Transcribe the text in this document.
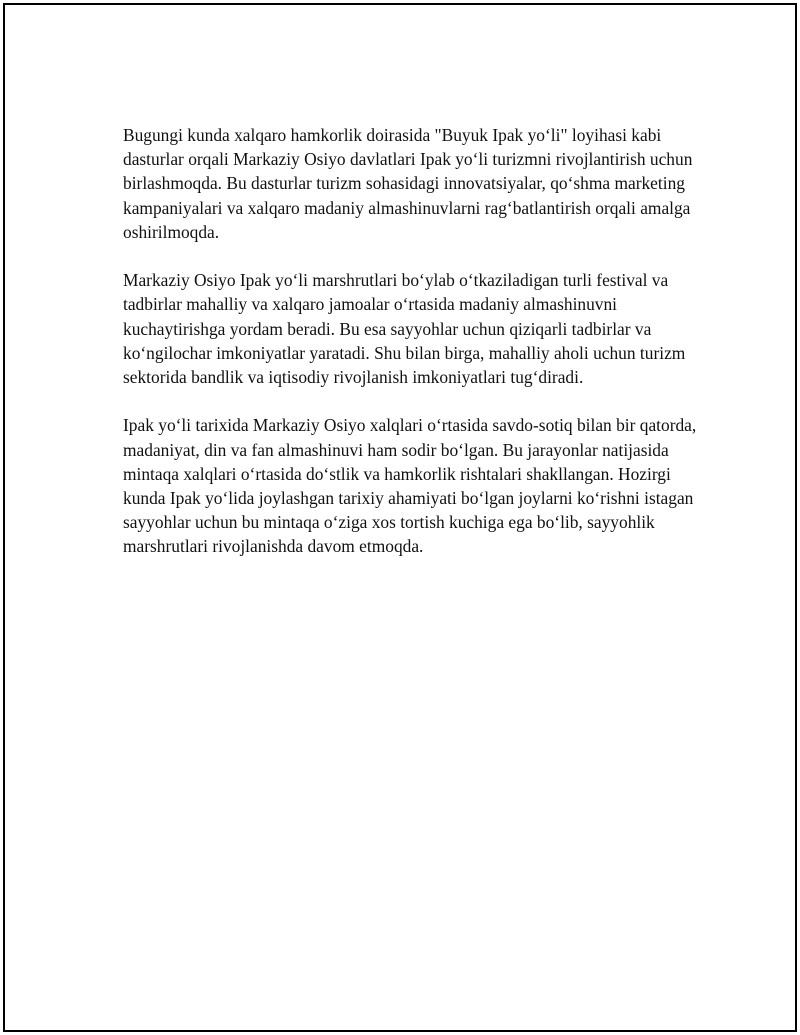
Bugungi kunda xalqaro hamkorlik doirasida "Buyuk Ipak yo‘li" loyihasi kabi dasturlar orqali Markaziy Osiyo davlatlari Ipak yo‘li turizmni rivojlantirish uchun birlashmoqda. Bu dasturlar turizm sohasidagi innovatsiyalar, qo‘shma marketing kampaniyalari va xalqaro madaniy almashinuvlarni rag‘batlantirish orqali amalga oshirilmoqda.

Markaziy Osiyo Ipak yo‘li marshrutlari bo‘ylab o‘tkaziladigan turli festival va tadbirlar mahalliy va xalqaro jamoalar o‘rtasida madaniy almashinuvni kuchaytirishga yordam beradi. Bu esa sayyohlar uchun qiziqarli tadbirlar va ko‘ngilochar imkoniyatlar yaratadi. Shu bilan birga, mahalliy aholi uchun turizm sektorida bandlik va iqtisodiy rivojlanish imkoniyatlari tug‘diradi.

Ipak yo‘li tarixida Markaziy Osiyo xalqlari o‘rtasida savdo-sotiq bilan bir qatorda, madaniyat, din va fan almashinuvi ham sodir bo‘lgan. Bu jarayonlar natijasida mintaqa xalqlari o‘rtasida do‘stlik va hamkorlik rishtalari shakllangan. Hozirgi kunda Ipak yo‘lida joylashgan tarixiy ahamiyati bo‘lgan joylarni ko‘rishni istagan sayyohlar uchun bu mintaqa o‘ziga xos tortish kuchiga ega bo‘lib, sayyohlik marshrutlari rivojlanishda davom etmoqda.
